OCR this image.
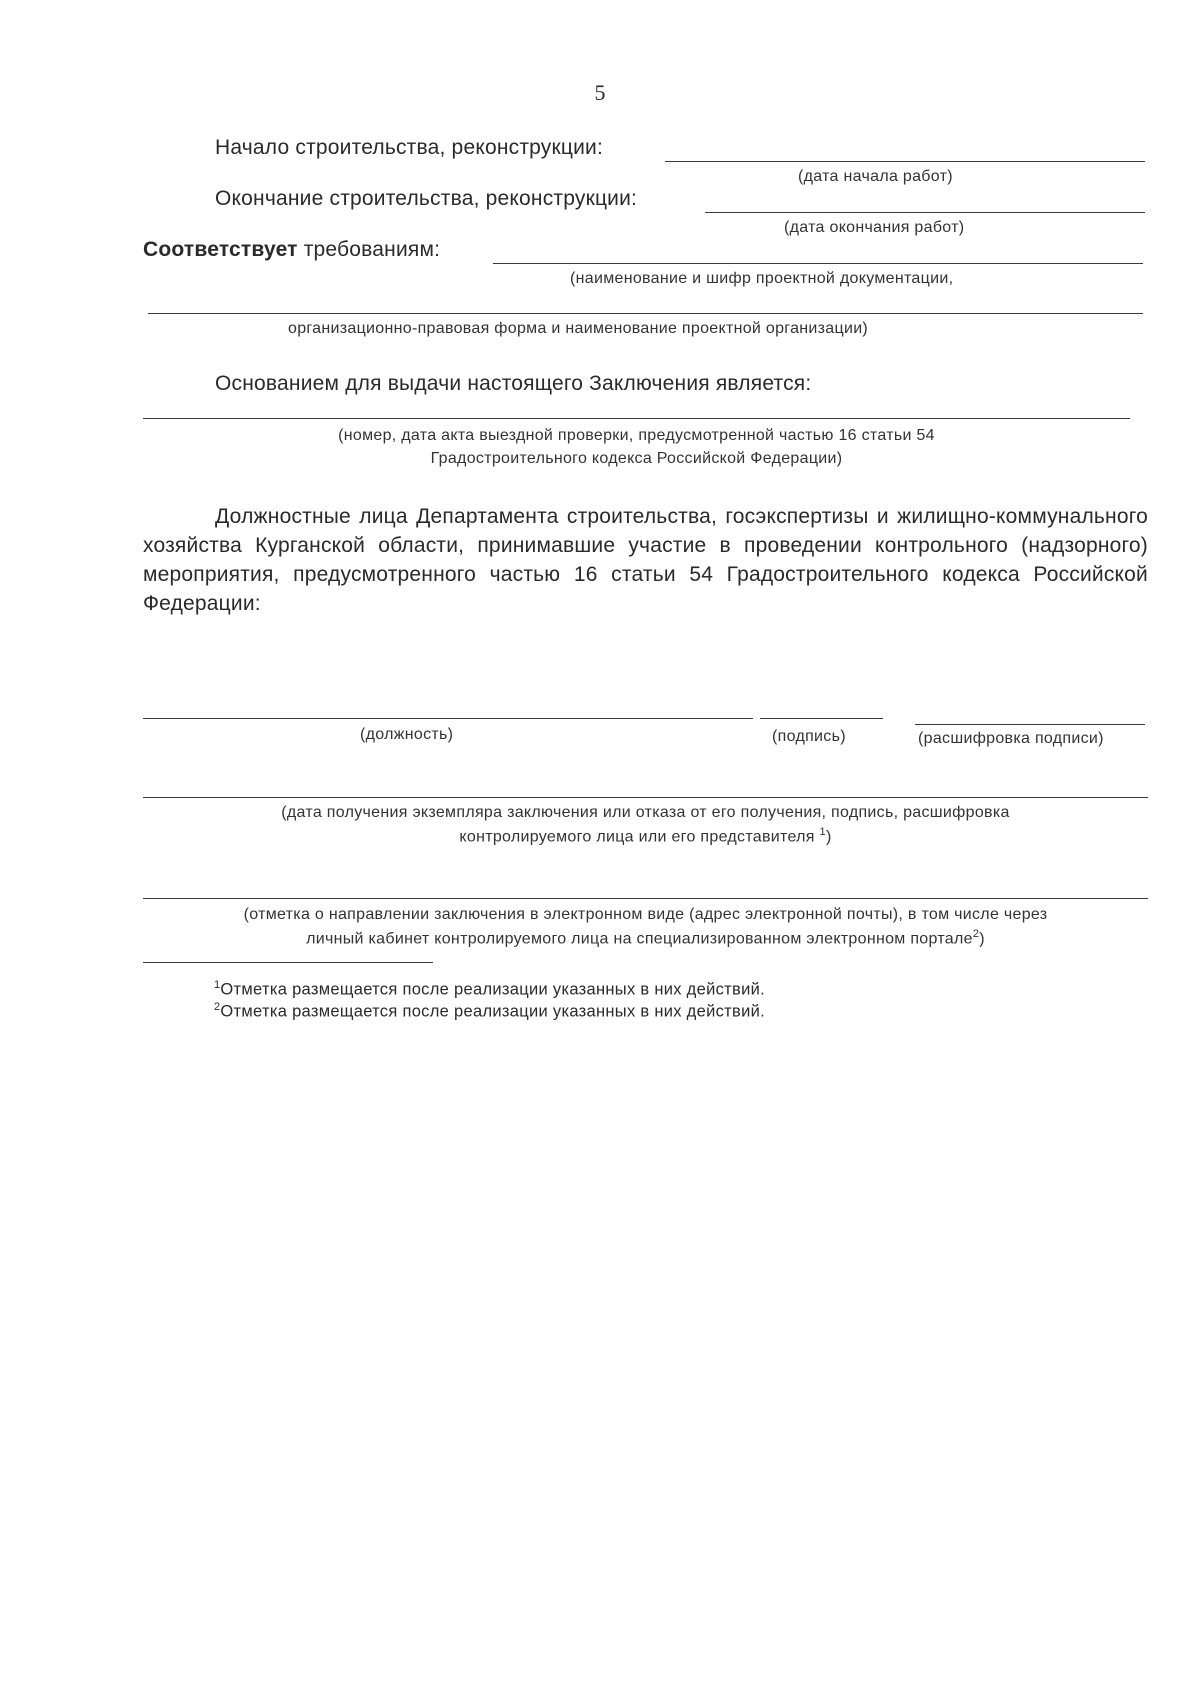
5
Начало строительства, реконструкции:
(дата начала работ)
Окончание строительства, реконструкции:
(дата окончания работ)
Соответствует требованиям:
(наименование и шифр проектной документации,
организационно-правовая форма и наименование проектной организации)
Основанием для выдачи настоящего Заключения является:
(номер, дата акта выездной проверки, предусмотренной частью 16 статьи 54
Градостроительного кодекса Российской Федерации)
Должностные лица Департамента строительства, госэкспертизы и жилищно-коммунального хозяйства Курганской области, принимавшие участие в проведении контрольного (надзорного) мероприятия, предусмотренного частью 16 статьи 54 Градостроительного кодекса Российской Федерации:
(должность)	(подпись)	(расшифровка подписи)
(дата получения экземпляра заключения или отказа от его получения, подпись, расшифровка
контролируемого лица или его представителя $^1$)
(отметка о направлении заключения в электронном виде (адрес электронной почты), в том числе через
личный кабинет контролируемого лица на специализированном электронном портале$^2$)
$^1$Отметка размещается после реализации указанных в них действий.
$^2$Отметка размещается после реализации указанных в них действий.
